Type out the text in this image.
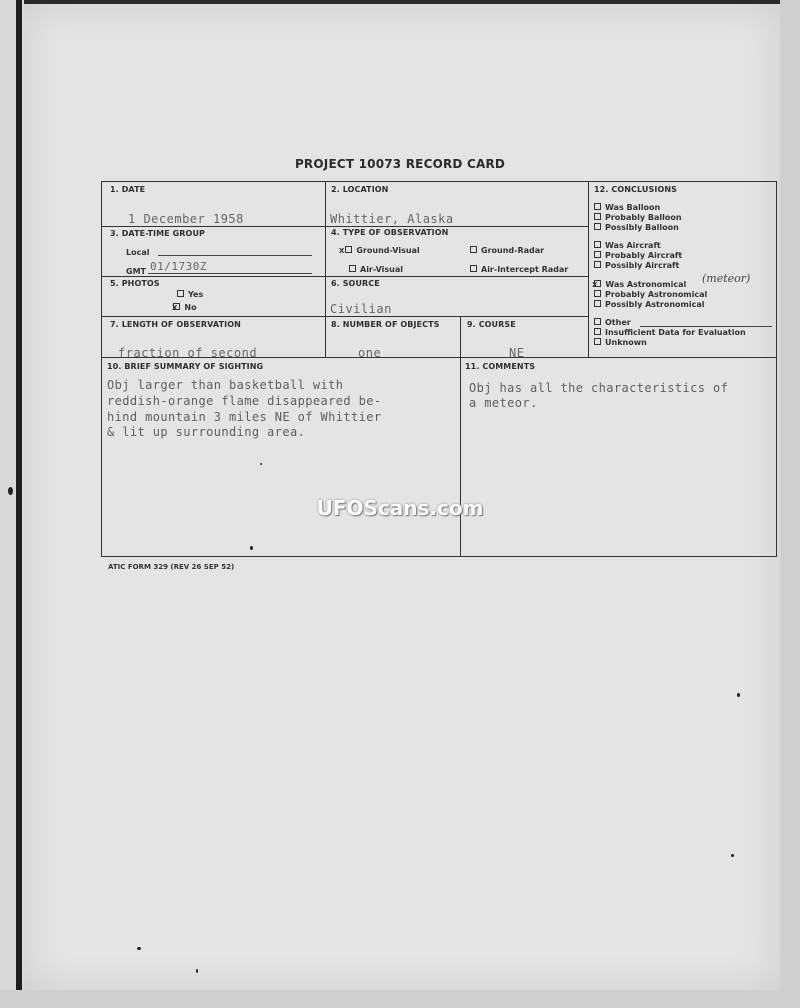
PROJECT 10073 RECORD CARD
1. DATE
1 December 1958
2. LOCATION
Whittier, Alaska
3. DATE-TIME GROUP
Local
GMT 01/1730Z
4. TYPE OF OBSERVATION
X Ground-Visual	Ground-Radar
Air-Visual	Air-Intercept Radar
5. PHOTOS
Yes
X No
6. SOURCE
Civilian
7. LENGTH OF OBSERVATION
fraction of second
8. NUMBER OF OBJECTS
one
9. COURSE
NE
10. BRIEF SUMMARY OF SIGHTING
Obj larger than basketball with
reddish-orange flame disappeared be-
hind mountain 3 miles NE of Whittier
& lit up surrounding area.
11. COMMENTS
Obj has all the characteristics of
a meteor.
12. CONCLUSIONS
Was Balloon
Probably Balloon
Possibly Balloon
Was Aircraft
Probably Aircraft
Possibly Aircraft
X Was Astronomical (meteor)
Probably Astronomical
Possibly Astronomical
Other
Insufficient Data for Evaluation
Unknown
UFOScans.com
ATIC FORM 329 (REV 26 SEP 52)
